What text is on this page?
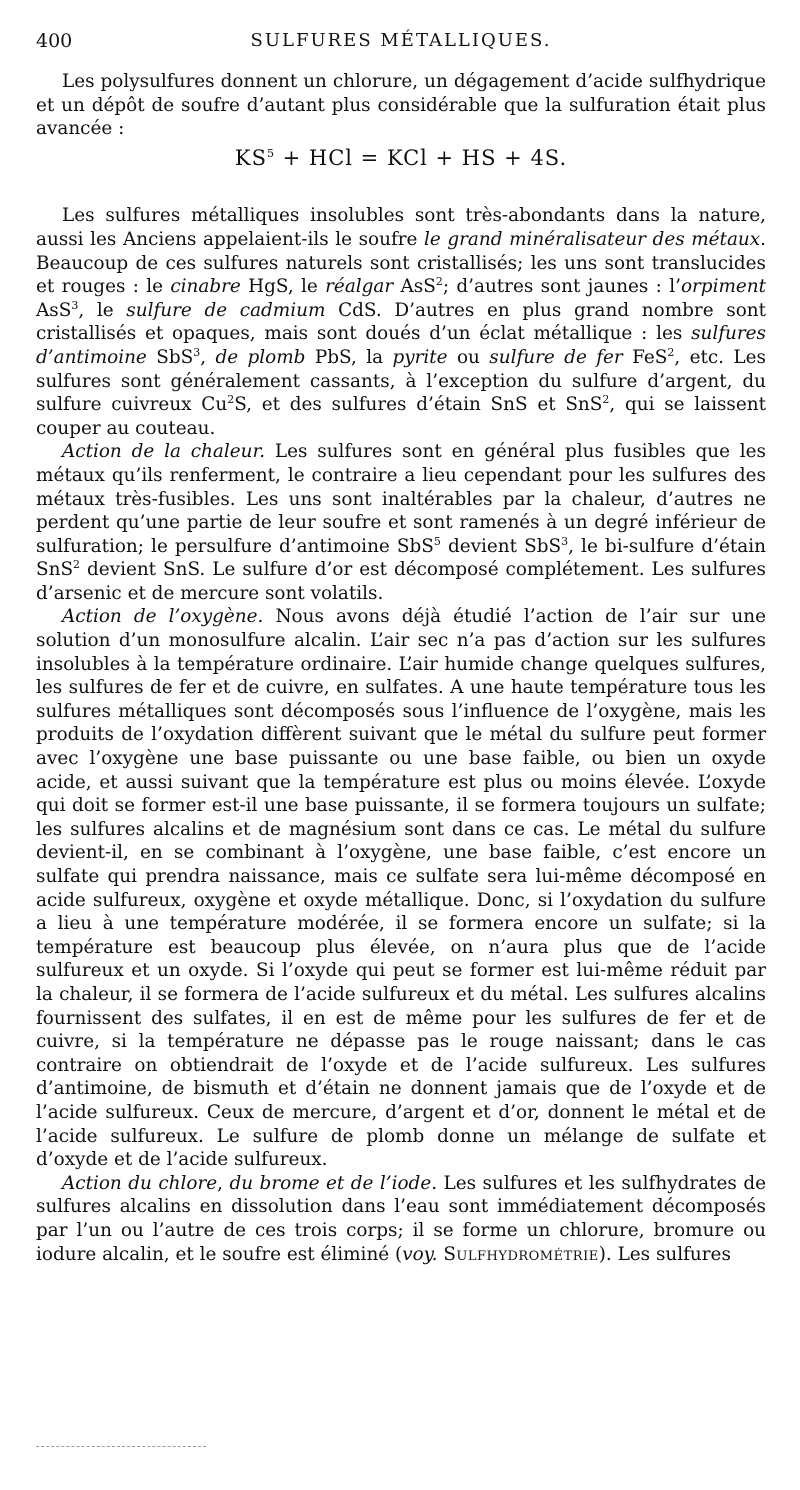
400	SULFURES MÉTALLIQUES.

Les polysulfures donnent un chlorure, un dégagement d’acide sulfhydrique et un dépôt de soufre d’autant plus considérable que la sulfuration était plus avancée :

$KS^5$ + HCl = KCl + HS + 4S.

Les sulfures métalliques insolubles sont très-abondants dans la nature, aussi les Anciens appelaient-ils le soufre le grand minéralisateur des métaux. Beaucoup de ces sulfures naturels sont cristallisés; les uns sont translucides et rouges : le cinabre HgS, le réalgar AsS$^2$; d’autres sont jaunes : l’orpiment AsS$^3$, le sulfure de cadmium CdS. D’autres en plus grand nombre sont cristallisés et opaques, mais sont doués d’un éclat métallique : les sulfures d’antimoine SbS$^3$, de plomb PbS, la pyrite ou sulfure de fer FeS$^2$, etc. Les sulfures sont généralement cassants, à l’exception du sulfure d’argent, du sulfure cuivreux Cu$^2$S, et des sulfures d’étain SnS et SnS$^2$, qui se laissent couper au couteau.

Action de la chaleur. Les sulfures sont en général plus fusibles que les métaux qu’ils renferment, le contraire a lieu cependant pour les sulfures des métaux très-fusibles. Les uns sont inaltérables par la chaleur, d’autres ne perdent qu’une partie de leur soufre et sont ramenés à un degré inférieur de sulfuration; le persulfure d’antimoine SbS$^5$ devient SbS$^3$, le bi-sulfure d’étain SnS$^2$ devient SnS. Le sulfure d’or est décomposé complétement. Les sulfures d’arsenic et de mercure sont volatils.

Action de l’oxygène. Nous avons déjà étudié l’action de l’air sur une solution d’un monosulfure alcalin. L’air sec n’a pas d’action sur les sulfures insolubles à la température ordinaire. L’air humide change quelques sulfures, les sulfures de fer et de cuivre, en sulfates. A une haute température tous les sulfures métalliques sont décomposés sous l’influence de l’oxygène, mais les produits de l’oxydation diffèrent suivant que le métal du sulfure peut former avec l’oxygène une base puissante ou une base faible, ou bien un oxyde acide, et aussi suivant que la température est plus ou moins élevée. L’oxyde qui doit se former est-il une base puissante, il se formera toujours un sulfate; les sulfures alcalins et de magnésium sont dans ce cas. Le métal du sulfure devient-il, en se combinant à l’oxygène, une base faible, c’est encore un sulfate qui prendra naissance, mais ce sulfate sera lui-même décomposé en acide sulfureux, oxygène et oxyde métallique. Donc, si l’oxydation du sulfure a lieu à une température modérée, il se formera encore un sulfate; si la température est beaucoup plus élevée, on n’aura plus que de l’acide sulfureux et un oxyde. Si l’oxyde qui peut se former est lui-même réduit par la chaleur, il se formera de l’acide sulfureux et du métal. Les sulfures alcalins fournissent des sulfates, il en est de même pour les sulfures de fer et de cuivre, si la température ne dépasse pas le rouge naissant; dans le cas contraire on obtiendrait de l’oxyde et de l’acide sulfureux. Les sulfures d’antimoine, de bismuth et d’étain ne donnent jamais que de l’oxyde et de l’acide sulfureux. Ceux de mercure, d’argent et d’or, donnent le métal et de l’acide sulfureux. Le sulfure de plomb donne un mélange de sulfate et d’oxyde et de l’acide sulfureux.

Action du chlore, du brome et de l’iode. Les sulfures et les sulfhydrates de sulfures alcalins en dissolution dans l’eau sont immédiatement décomposés par l’un ou l’autre de ces trois corps; il se forme un chlorure, bromure ou iodure alcalin, et le soufre est éliminé (voy. Sulfhydrométrie). Les sulfures
